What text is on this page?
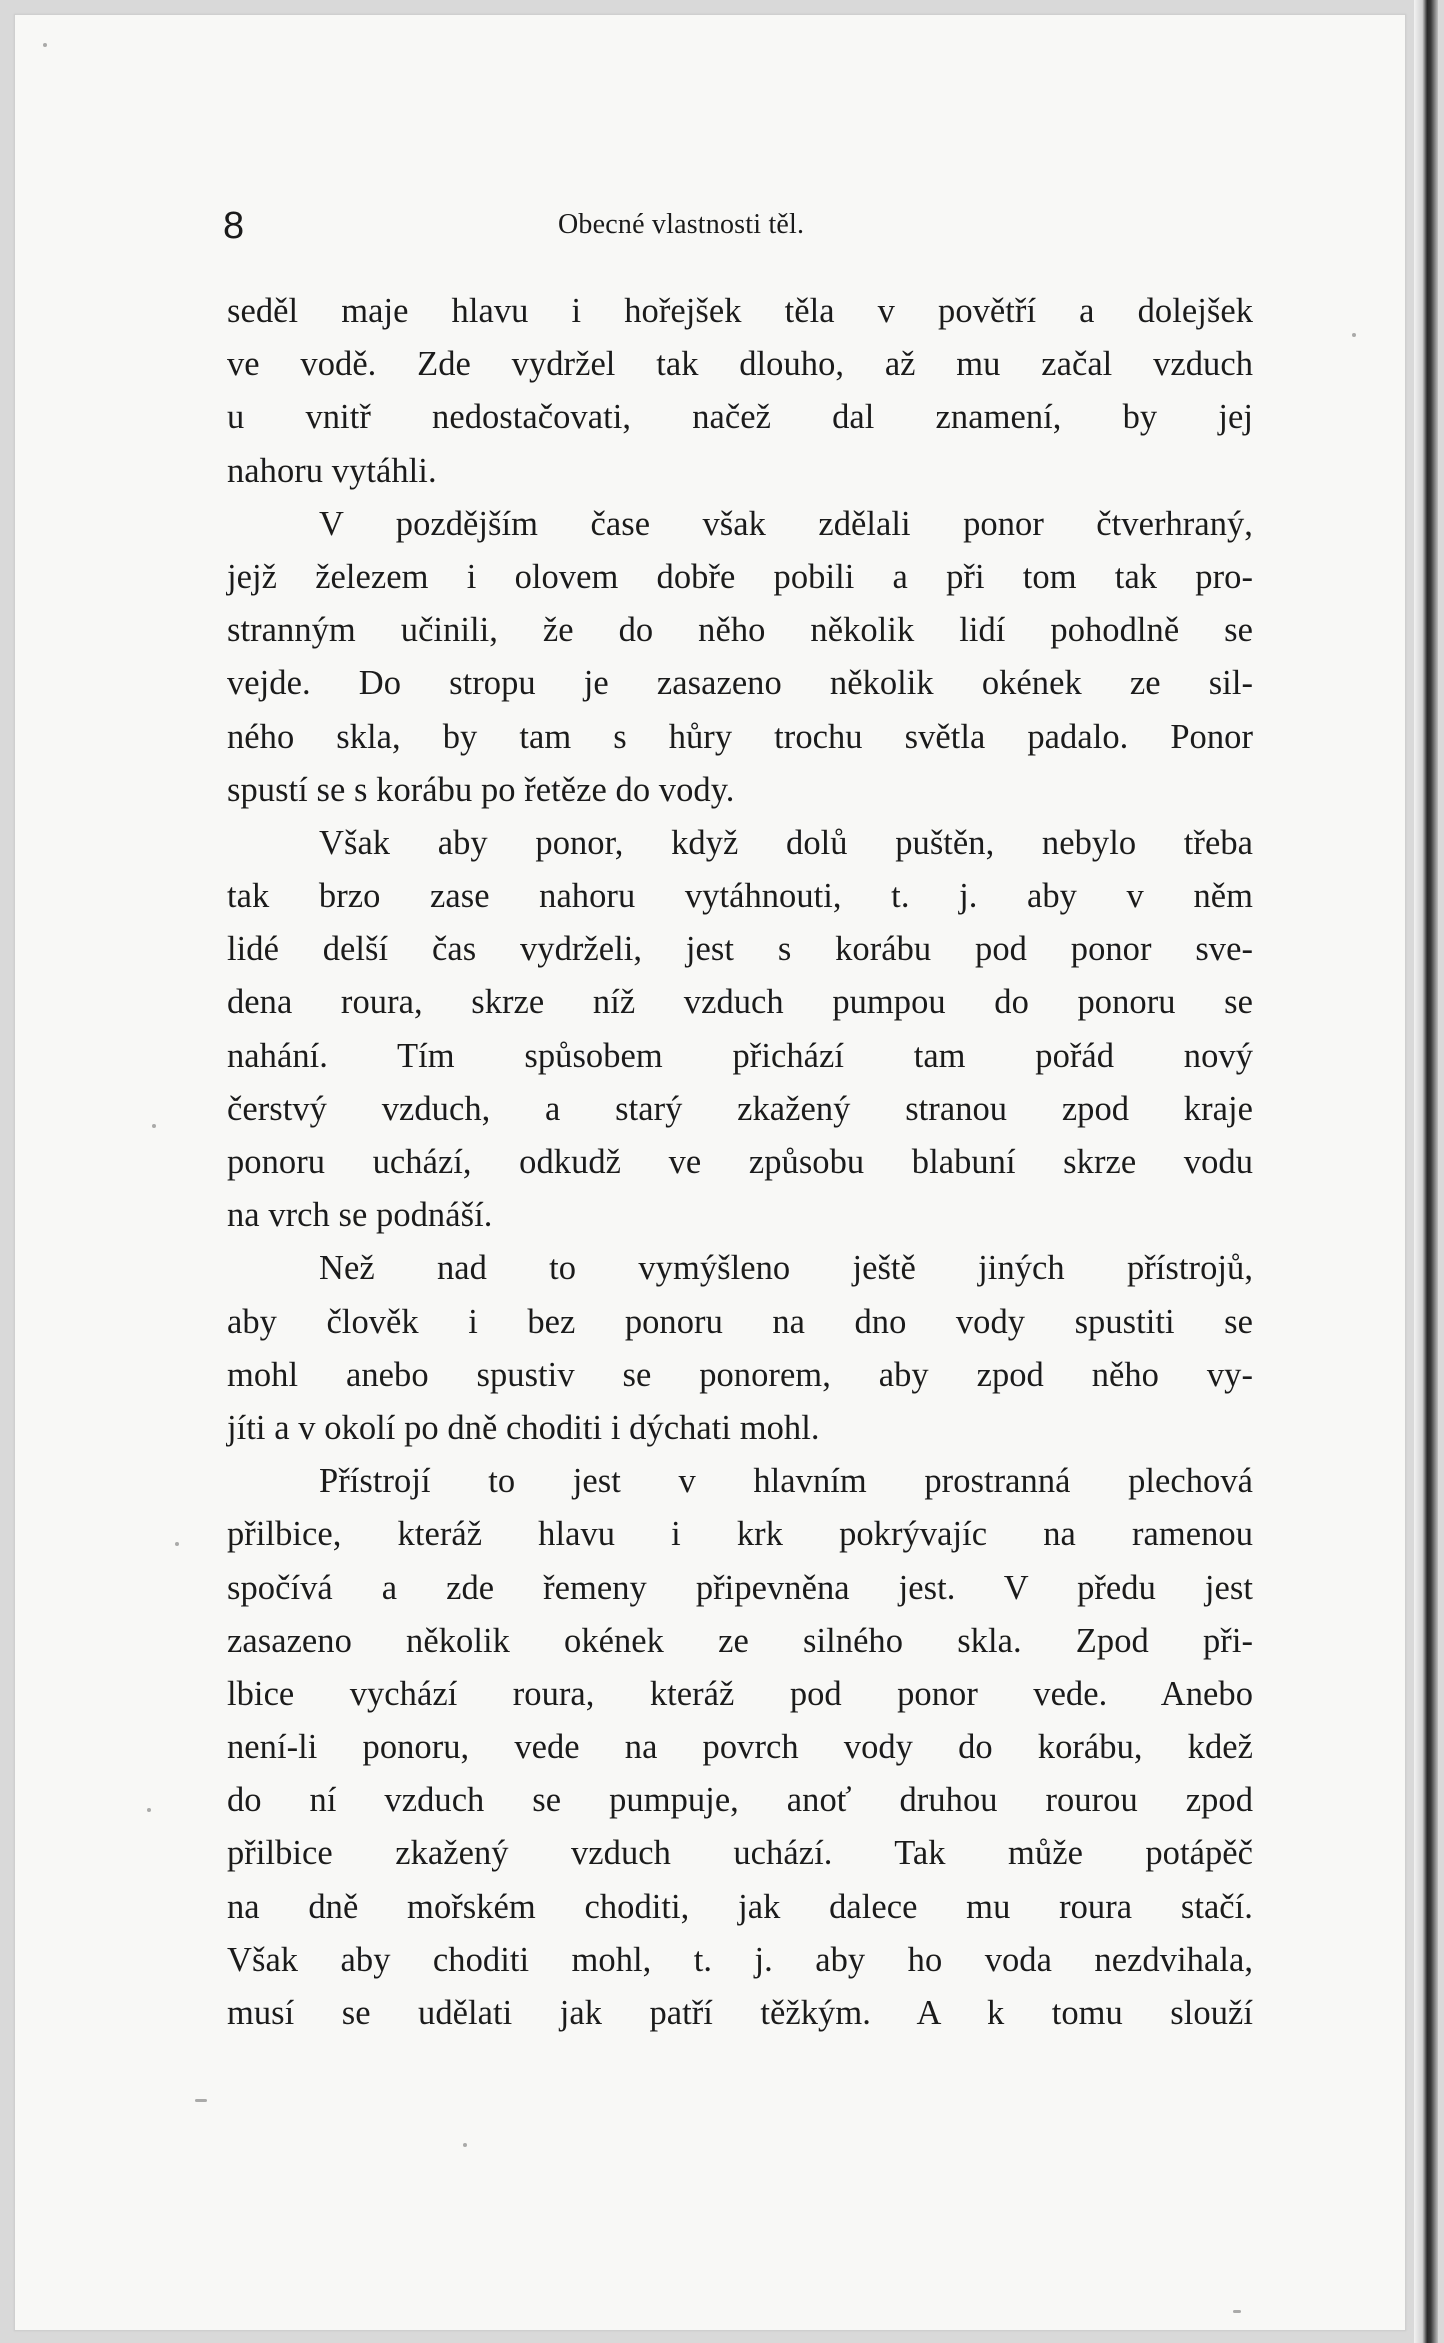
8	Obecné vlastnosti těl.
seděl maje hlavu i hořejšek těla v povětří a dolejšek
ve vodě. Zde vydržel tak dlouho, až mu začal vzduch
u vnitř nedostačovati, načež dal znamení, by jej
nahoru vytáhli.
V pozdějším čase však zdělali ponor čtverhraný,
jejž železem i olovem dobře pobili a při tom tak pro-
stranným učinili, že do něho několik lidí pohodlně se
vejde. Do stropu je zasazeno několik okének ze sil-
ného skla, by tam s hůry trochu světla padalo. Ponor
spustí se s korábu po řetěze do vody.
Však aby ponor, když dolů puštěn, nebylo třeba
tak brzo zase nahoru vytáhnouti, t. j. aby v něm
lidé delší čas vydrželi, jest s korábu pod ponor sve-
dena roura, skrze níž vzduch pumpou do ponoru se
nahání. Tím spůsobem přichází tam pořád nový
čerstvý vzduch, a starý zkažený stranou zpod kraje
ponoru uchází, odkudž ve způsobu blabuní skrze vodu
na vrch se podnáší.
Než nad to vymýšleno ještě jiných přístrojů,
aby člověk i bez ponoru na dno vody spustiti se
mohl anebo spustiv se ponorem, aby zpod něho vy-
jíti a v okolí po dně choditi i dýchati mohl.
Přístrojí to jest v hlavním prostranná plechová
přilbice, kteráž hlavu i krk pokrývajíc na ramenou
spočívá a zde řemeny připevněna jest. V předu jest
zasazeno několik okének ze silného skla. Zpod při-
lbice vychází roura, kteráž pod ponor vede. Anebo
není-li ponoru, vede na povrch vody do korábu, kdež
do ní vzduch se pumpuje, anoť druhou rourou zpod
přilbice zkažený vzduch uchází. Tak může potápěč
na dně mořském choditi, jak dalece mu roura stačí.
Však aby choditi mohl, t. j. aby ho voda nezdvihala,
musí se udělati jak patří těžkým. A k tomu slouží
